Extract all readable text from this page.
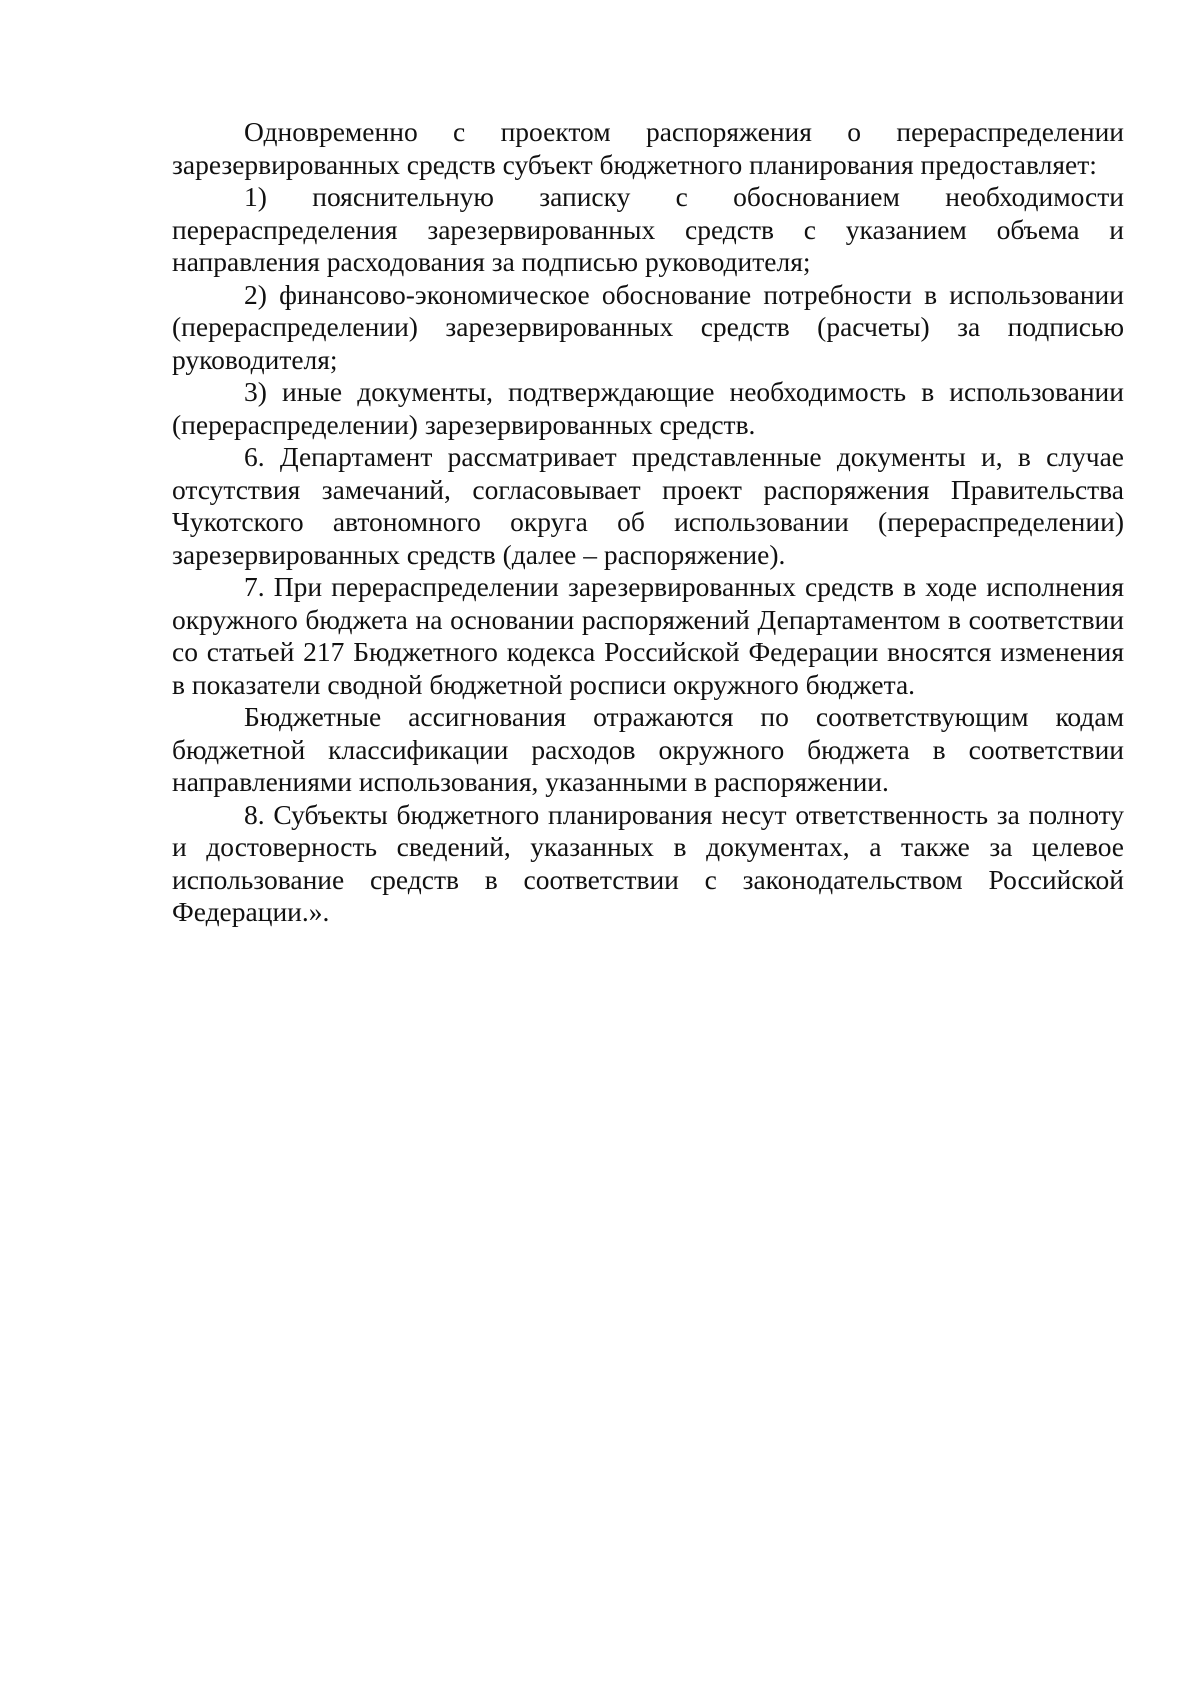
Одновременно с проектом распоряжения о перераспределении зарезервированных средств субъект бюджетного планирования предоставляет:

1) пояснительную записку с обоснованием необходимости перераспределения зарезервированных средств с указанием объема и направления расходования за подписью руководителя;

2) финансово-экономическое обоснование потребности в использовании (перераспределении) зарезервированных средств (расчеты) за подписью руководителя;

3) иные документы, подтверждающие необходимость в использовании (перераспределении) зарезервированных средств.

6. Департамент рассматривает представленные документы и, в случае отсутствия замечаний, согласовывает проект распоряжения Правительства Чукотского автономного округа об использовании (перераспределении) зарезервированных средств (далее – распоряжение).

7. При перераспределении зарезервированных средств в ходе исполнения окружного бюджета на основании распоряжений Департаментом в соответствии со статьей 217 Бюджетного кодекса Российской Федерации вносятся изменения в показатели сводной бюджетной росписи окружного бюджета.

Бюджетные ассигнования отражаются по соответствующим кодам бюджетной классификации расходов окружного бюджета в соответствии направлениями использования, указанными в распоряжении.

8. Субъекты бюджетного планирования несут ответственность за полноту и достоверность сведений, указанных в документах, а также за целевое использование средств в соответствии с законодательством Российской Федерации.».
